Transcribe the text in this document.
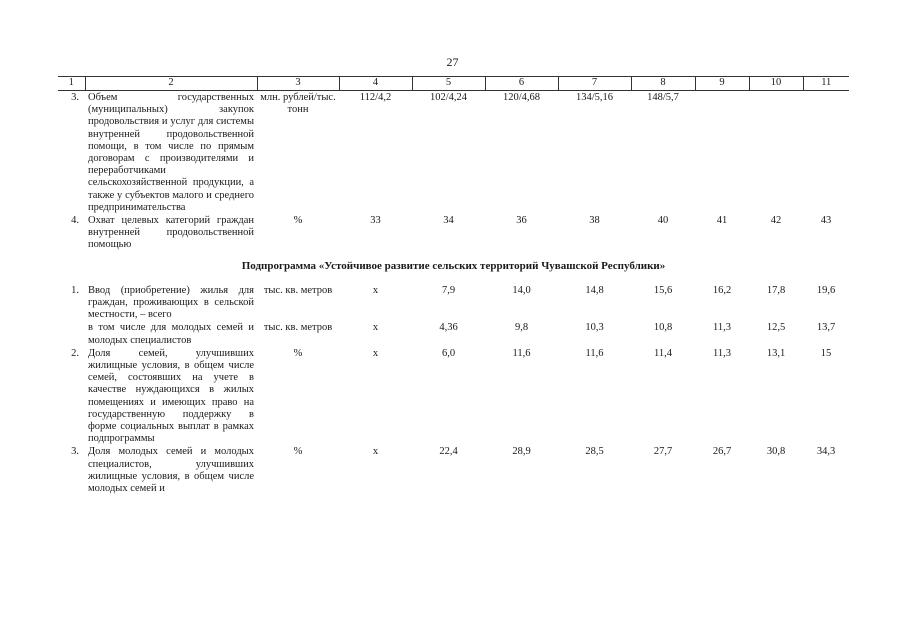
27
1	2	3	4	5	6	7	8	9	10	11
3.	Объем государственных (муниципальных) закупок продовольствия и услуг для системы внутренней продовольственной помощи, в том числе по прямым договорам с производителями и переработчиками сельскохозяйственной продукции, а также у субъектов малого и среднего предпринимательства	млн. рублей/тыс. тонн	112/4,2	102/4,24	120/4,68	134/5,16	148/5,7			
4.	Охват целевых категорий граждан внутренней продовольственной помощью	%	33	34	36	38	40	41	42	43
Подпрограмма «Устойчивое развитие сельских территорий Чувашской Республики»										
1.	Ввод (приобретение) жилья для граждан, проживающих в сельской местности, – всего	тыс. кв. метров	х	7,9	14,0	14,8	15,6	16,2	17,8	19,6
	в том числе для молодых семей и молодых специалистов	тыс. кв. метров	х	4,36	9,8	10,3	10,8	11,3	12,5	13,7
2.	Доля семей, улучшивших жилищные условия, в общем числе семей, состоявших на учете в качестве нуждающихся в жилых помещениях и имеющих право на государственную поддержку в форме социальных выплат в рамках подпрограммы	%	х	6,0	11,6	11,6	11,4	11,3	13,1	15
3.	Доля молодых семей и молодых специалистов, улучшивших жилищные условия, в общем числе молодых семей и	%	х	22,4	28,9	28,5	27,7	26,7	30,8	34,3
